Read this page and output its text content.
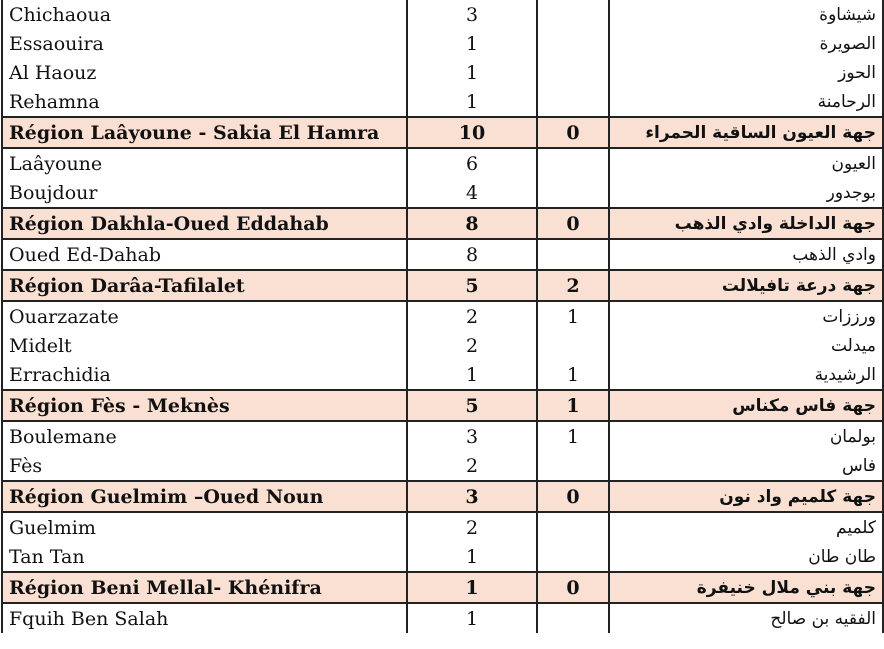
Chichaoua	3		شيشاوة
Essaouira	1		الصويرة
Al Haouz	1		الحوز
Rehamna	1		الرحامنة
Région Laâyoune - Sakia El Hamra	10	0	جهة العيون الساقية الحمراء
Laâyoune	6		العيون
Boujdour	4		بوجدور
Région Dakhla-Oued Eddahab	8	0	جهة الداخلة وادي الذهب
Oued Ed-Dahab	8		وادي الذهب
Région Darâa-Tafilalet	5	2	جهة درعة تافيلالت
Ouarzazate	2	1	ورززات
Midelt	2		ميدلت
Errachidia	1	1	الرشيدية
Région Fès - Meknès	5	1	جهة فاس مكناس
Boulemane	3	1	بولمان
Fès	2		فاس
Région Guelmim –Oued Noun	3	0	جهة كلميم واد نون
Guelmim	2		كلميم
Tan Tan	1		طان طان
Région Beni Mellal- Khénifra	1	0	جهة بني ملال خنيفرة
Fquih Ben Salah	1		الفقيه بن صالح
